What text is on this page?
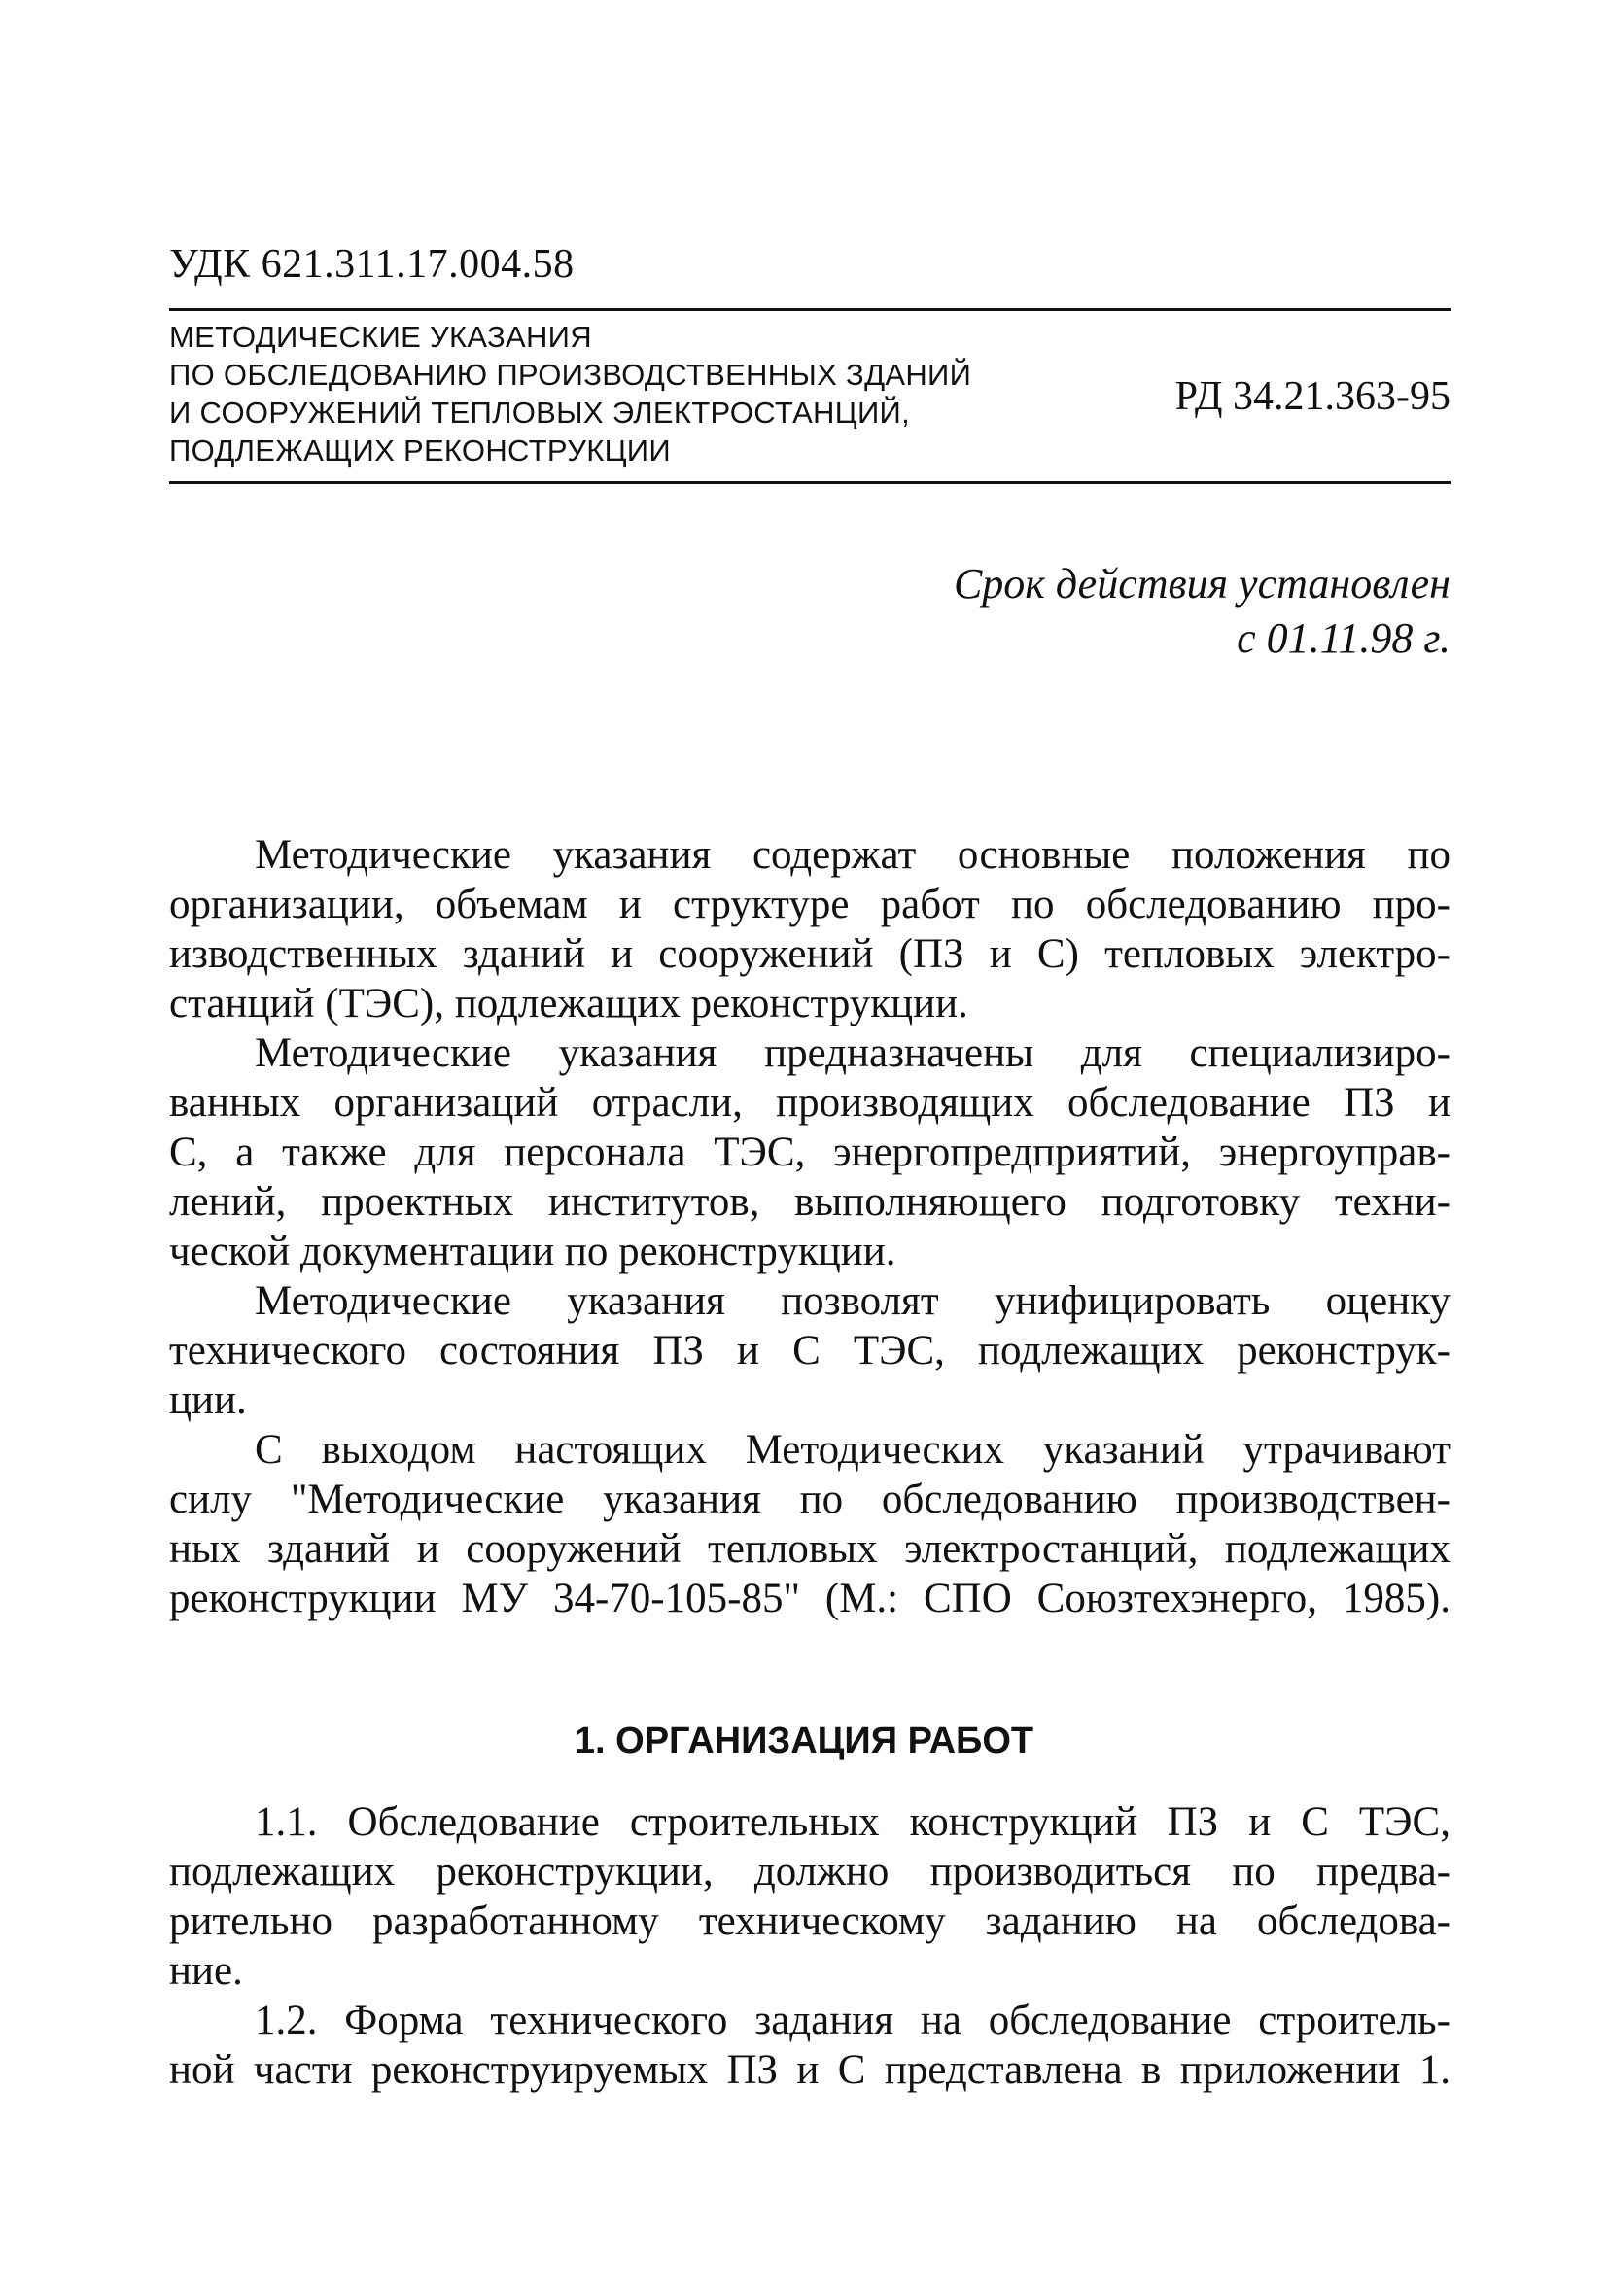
УДК 621.311.17.004.58
МЕТОДИЧЕСКИЕ УКАЗАНИЯ
ПО ОБСЛЕДОВАНИЮ ПРОИЗВОДСТВЕННЫХ ЗДАНИЙ
И СООРУЖЕНИЙ ТЕПЛОВЫХ ЭЛЕКТРОСТАНЦИЙ,
ПОДЛЕЖАЩИХ РЕКОНСТРУКЦИИ
РД 34.21.363-95
Срок действия установлен
с 01.11.98 г.
Методические указания содержат основные положения по
организации, объемам и структуре работ по обследованию про-
изводственных зданий и сооружений (ПЗ и С) тепловых электро-
станций (ТЭС), подлежащих реконструкции.
Методические указания предназначены для специализиро-
ванных организаций отрасли, производящих обследование ПЗ и
С, а также для персонала ТЭС, энергопредприятий, энергоуправ-
лений, проектных институтов, выполняющего подготовку техни-
ческой документации по реконструкции.
Методические указания позволят унифицировать оценку
технического состояния ПЗ и С ТЭС, подлежащих реконструк-
ции.
С выходом настоящих Методических указаний утрачивают
силу "Методические указания по обследованию производствен-
ных зданий и сооружений тепловых электростанций, подлежащих
реконструкции МУ 34-70-105-85" (М.: СПО Союзтехэнерго, 1985).
1. ОРГАНИЗАЦИЯ РАБОТ
1.1. Обследование строительных конструкций ПЗ и С ТЭС,
подлежащих реконструкции, должно производиться по предва-
рительно разработанному техническому заданию на обследова-
ние.
1.2. Форма технического задания на обследование строитель-
ной части реконструируемых ПЗ и С представлена в приложении 1.
